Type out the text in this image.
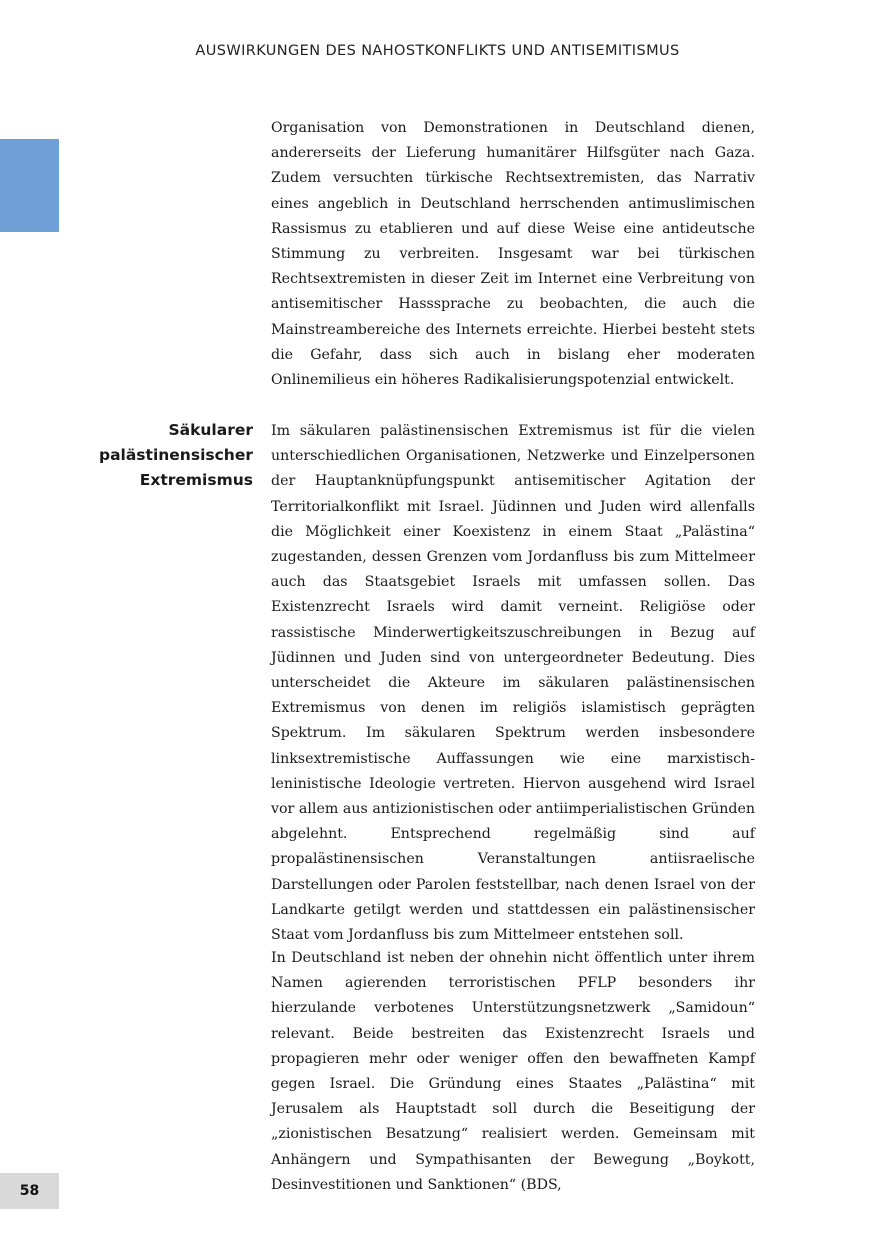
AUSWIRKUNGEN DES NAHOSTKONFLIKTS UND ANTISEMITISMUS
Säkularer
palästinensischer
Extremismus

Organisation von Demonstrationen in Deutschland dienen, andererseits der Lieferung humanitärer Hilfsgüter nach Gaza. Zudem versuchten türkische Rechtsextremisten, das Narrativ eines angeblich in Deutschland herrschenden antimuslimischen Rassismus zu etablieren und auf diese Weise eine antideutsche Stimmung zu verbreiten. Insgesamt war bei türkischen Rechtsextremisten in dieser Zeit im Internet eine Verbreitung von antisemitischer Hasssprache zu beobachten, die auch die Mainstreambereiche des Internets erreichte. Hierbei besteht stets die Gefahr, dass sich auch in bislang eher moderaten Onlinemilieus ein höheres Radikalisierungspotenzial entwickelt.

Im säkularen palästinensischen Extremismus ist für die vielen unterschiedlichen Organisationen, Netzwerke und Einzelpersonen der Hauptanknüpfungspunkt antisemitischer Agitation der Territorialkonflikt mit Israel. Jüdinnen und Juden wird allenfalls die Möglichkeit einer Koexistenz in einem Staat „Palästina“ zugestanden, dessen Grenzen vom Jordanfluss bis zum Mittelmeer auch das Staatsgebiet Israels mit umfassen sollen. Das Existenzrecht Israels wird damit verneint. Religiöse oder rassistische Minderwertigkeitszuschreibungen in Bezug auf Jüdinnen und Juden sind von untergeordneter Bedeutung. Dies unterscheidet die Akteure im säkularen palästinensischen Extremismus von denen im religiös islamistisch geprägten Spektrum. Im säkularen Spektrum werden insbesondere linksextremistische Auffassungen wie eine marxistisch-leninistische Ideologie vertreten. Hiervon ausgehend wird Israel vor allem aus antizionistischen oder antiimperialistischen Gründen abgelehnt. Entsprechend regelmäßig sind auf propalästinensischen Veranstaltungen antiisraelische Darstellungen oder Parolen feststellbar, nach denen Israel von der Landkarte getilgt werden und stattdessen ein palästinensischer Staat vom Jordanfluss bis zum Mittelmeer entstehen soll.

In Deutschland ist neben der ohnehin nicht öffentlich unter ihrem Namen agierenden terroristischen PFLP besonders ihr hierzulande verbotenes Unterstützungsnetzwerk „Samidoun“ relevant. Beide bestreiten das Existenzrecht Israels und propagieren mehr oder weniger offen den bewaffneten Kampf gegen Israel. Die Gründung eines Staates „Palästina“ mit Jerusalem als Hauptstadt soll durch die Beseitigung der „zionistischen Besatzung“ realisiert werden. Gemeinsam mit Anhängern und Sympathisanten der Bewegung „Boykott, Desinvestitionen und Sanktionen“ (BDS,

58
